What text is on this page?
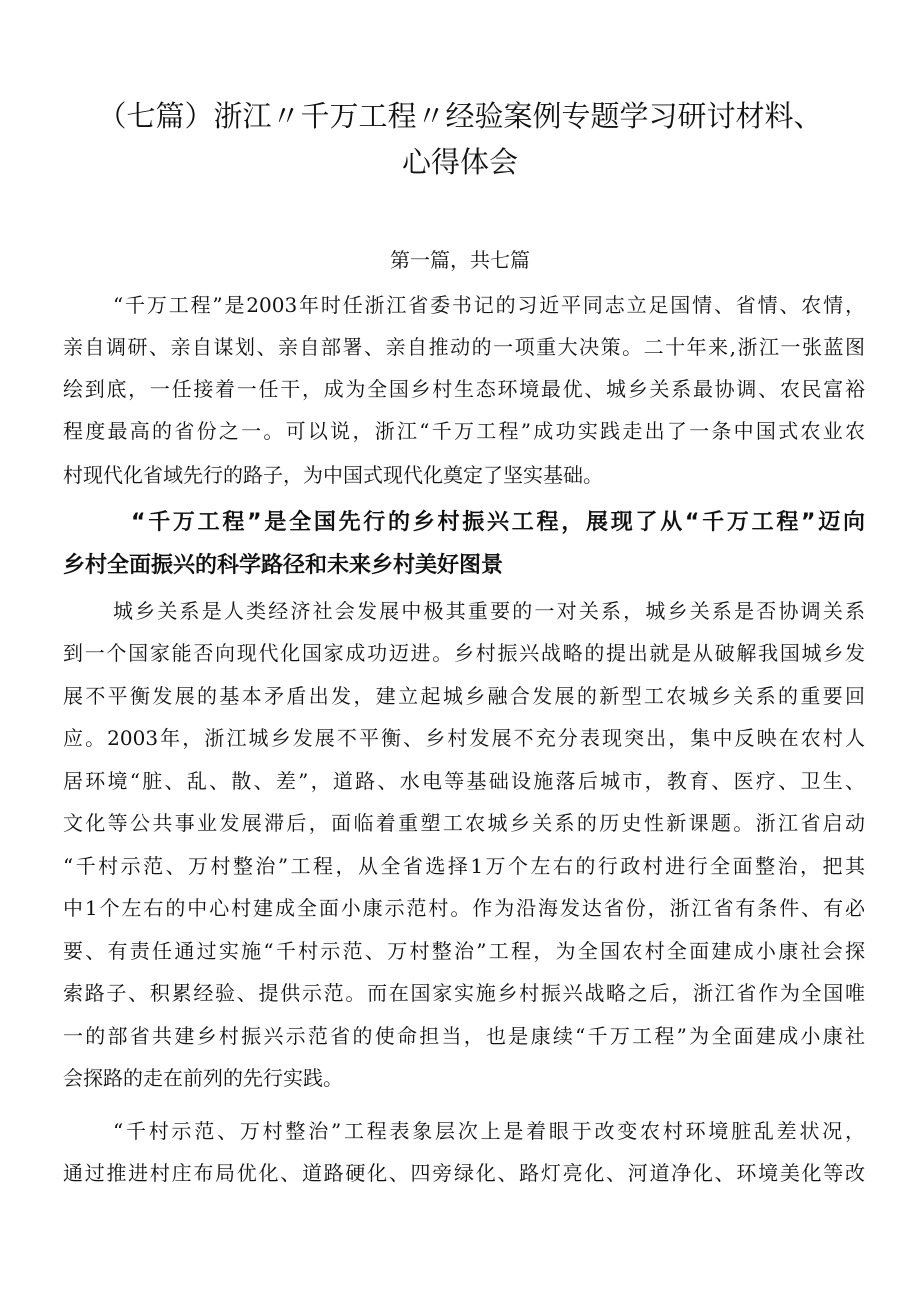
（七篇）浙江〃千万工程〃经验案例专题学习研讨材料、
心得体会

第一篇，共七篇

“千万工程”是2003年时任浙江省委书记的习近平同志立足国情、省情、农情，

亲自调研、亲自谋划、亲自部署、亲自推动的一项重大决策。二十年来,浙江一张蓝图

绘到底，一任接着一任干，成为全国乡村生态环境最优、城乡关系最协调、农民富裕

程度最高的省份之一。可以说，浙江“千万工程”成功实践走出了一条中国式农业农

村现代化省域先行的路子，为中国式现代化奠定了坚实基础。

“千万工程”是全国先行的乡村振兴工程，展现了从“千万工程”迈向

乡村全面振兴的科学路径和未来乡村美好图景

城乡关系是人类经济社会发展中极其重要的一对关系，城乡关系是否协调关系

到一个国家能否向现代化国家成功迈进。乡村振兴战略的提出就是从破解我国城乡发

展不平衡发展的基本矛盾出发，建立起城乡融合发展的新型工农城乡关系的重要回

应。2003年，浙江城乡发展不平衡、乡村发展不充分表现突出，集中反映在农村人

居环境“脏、乱、散、差”，道路、水电等基础设施落后城市，教育、医疗、卫生、

文化等公共事业发展滞后，面临着重塑工农城乡关系的历史性新课题。浙江省启动

“千村示范、万村整治”工程，从全省选择1万个左右的行政村进行全面整治，把其

中1个左右的中心村建成全面小康示范村。作为沿海发达省份，浙江省有条件、有必

要、有责任通过实施“千村示范、万村整治”工程，为全国农村全面建成小康社会探

索路子、积累经验、提供示范。而在国家实施乡村振兴战略之后，浙江省作为全国唯

一的部省共建乡村振兴示范省的使命担当，也是康续“千万工程”为全面建成小康社

会探路的走在前列的先行实践。

“千村示范、万村整治”工程表象层次上是着眼于改变农村环境脏乱差状况，

通过推进村庄布局优化、道路硬化、四旁绿化、路灯亮化、河道净化、环境美化等改
